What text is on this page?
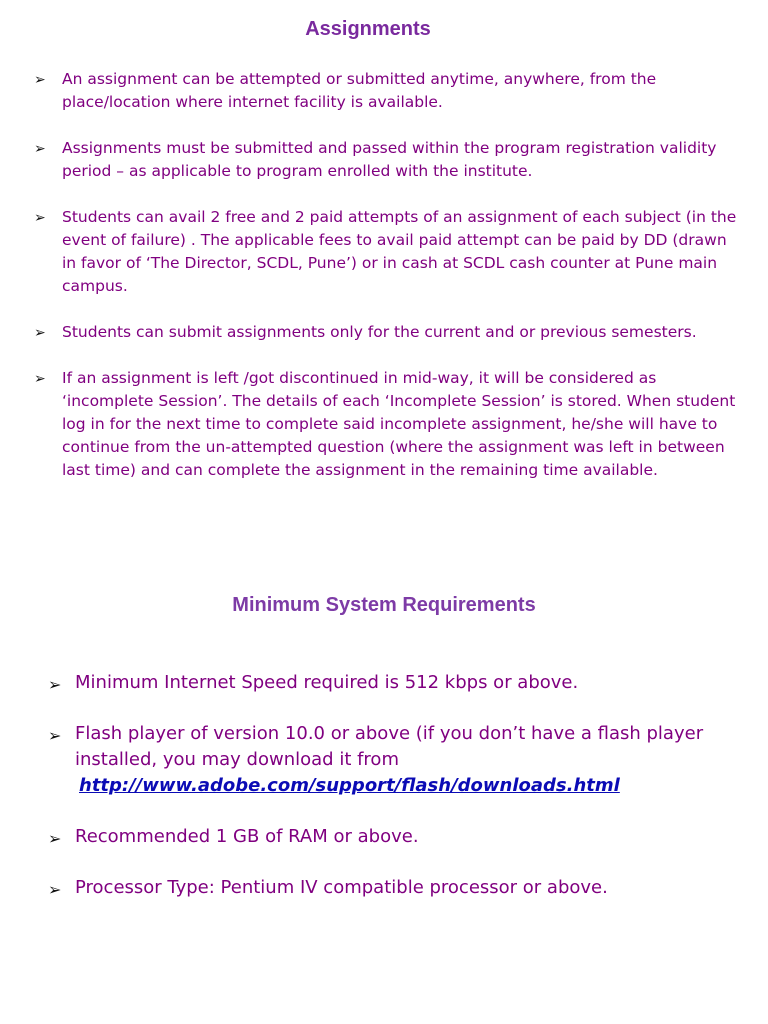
Assignments
➢ An assignment can be attempted or submitted anytime, anywhere, from the place/location where internet facility is available.
➢ Assignments must be submitted and passed within the program registration validity period – as applicable to program enrolled with the institute.
➢ Students can avail 2 free and 2 paid attempts of an assignment of each subject (in the event of failure) . The applicable fees to avail paid attempt can be paid by DD (drawn in favor of ‘The Director, SCDL, Pune’) or in cash at SCDL cash counter at Pune main campus.
➢ Students can submit assignments only for the current and or previous semesters.
➢ If an assignment is left /got discontinued in mid-way, it will be considered as ‘incomplete Session’. The details of each ‘Incomplete Session’ is stored. When student log in for the next time to complete said incomplete assignment, he/she will have to continue from the un-attempted question (where the assignment was left in between last time) and can complete the assignment in the remaining time available.
Minimum System Requirements
➢ Minimum Internet Speed required is 512 kbps or above.
➢ Flash player of version 10.0 or above (if you don’t have a flash player installed, you may download it from
http://www.adobe.com/support/flash/downloads.html
➢ Recommended 1 GB of RAM or above.
➢ Processor Type: Pentium IV compatible processor or above.
